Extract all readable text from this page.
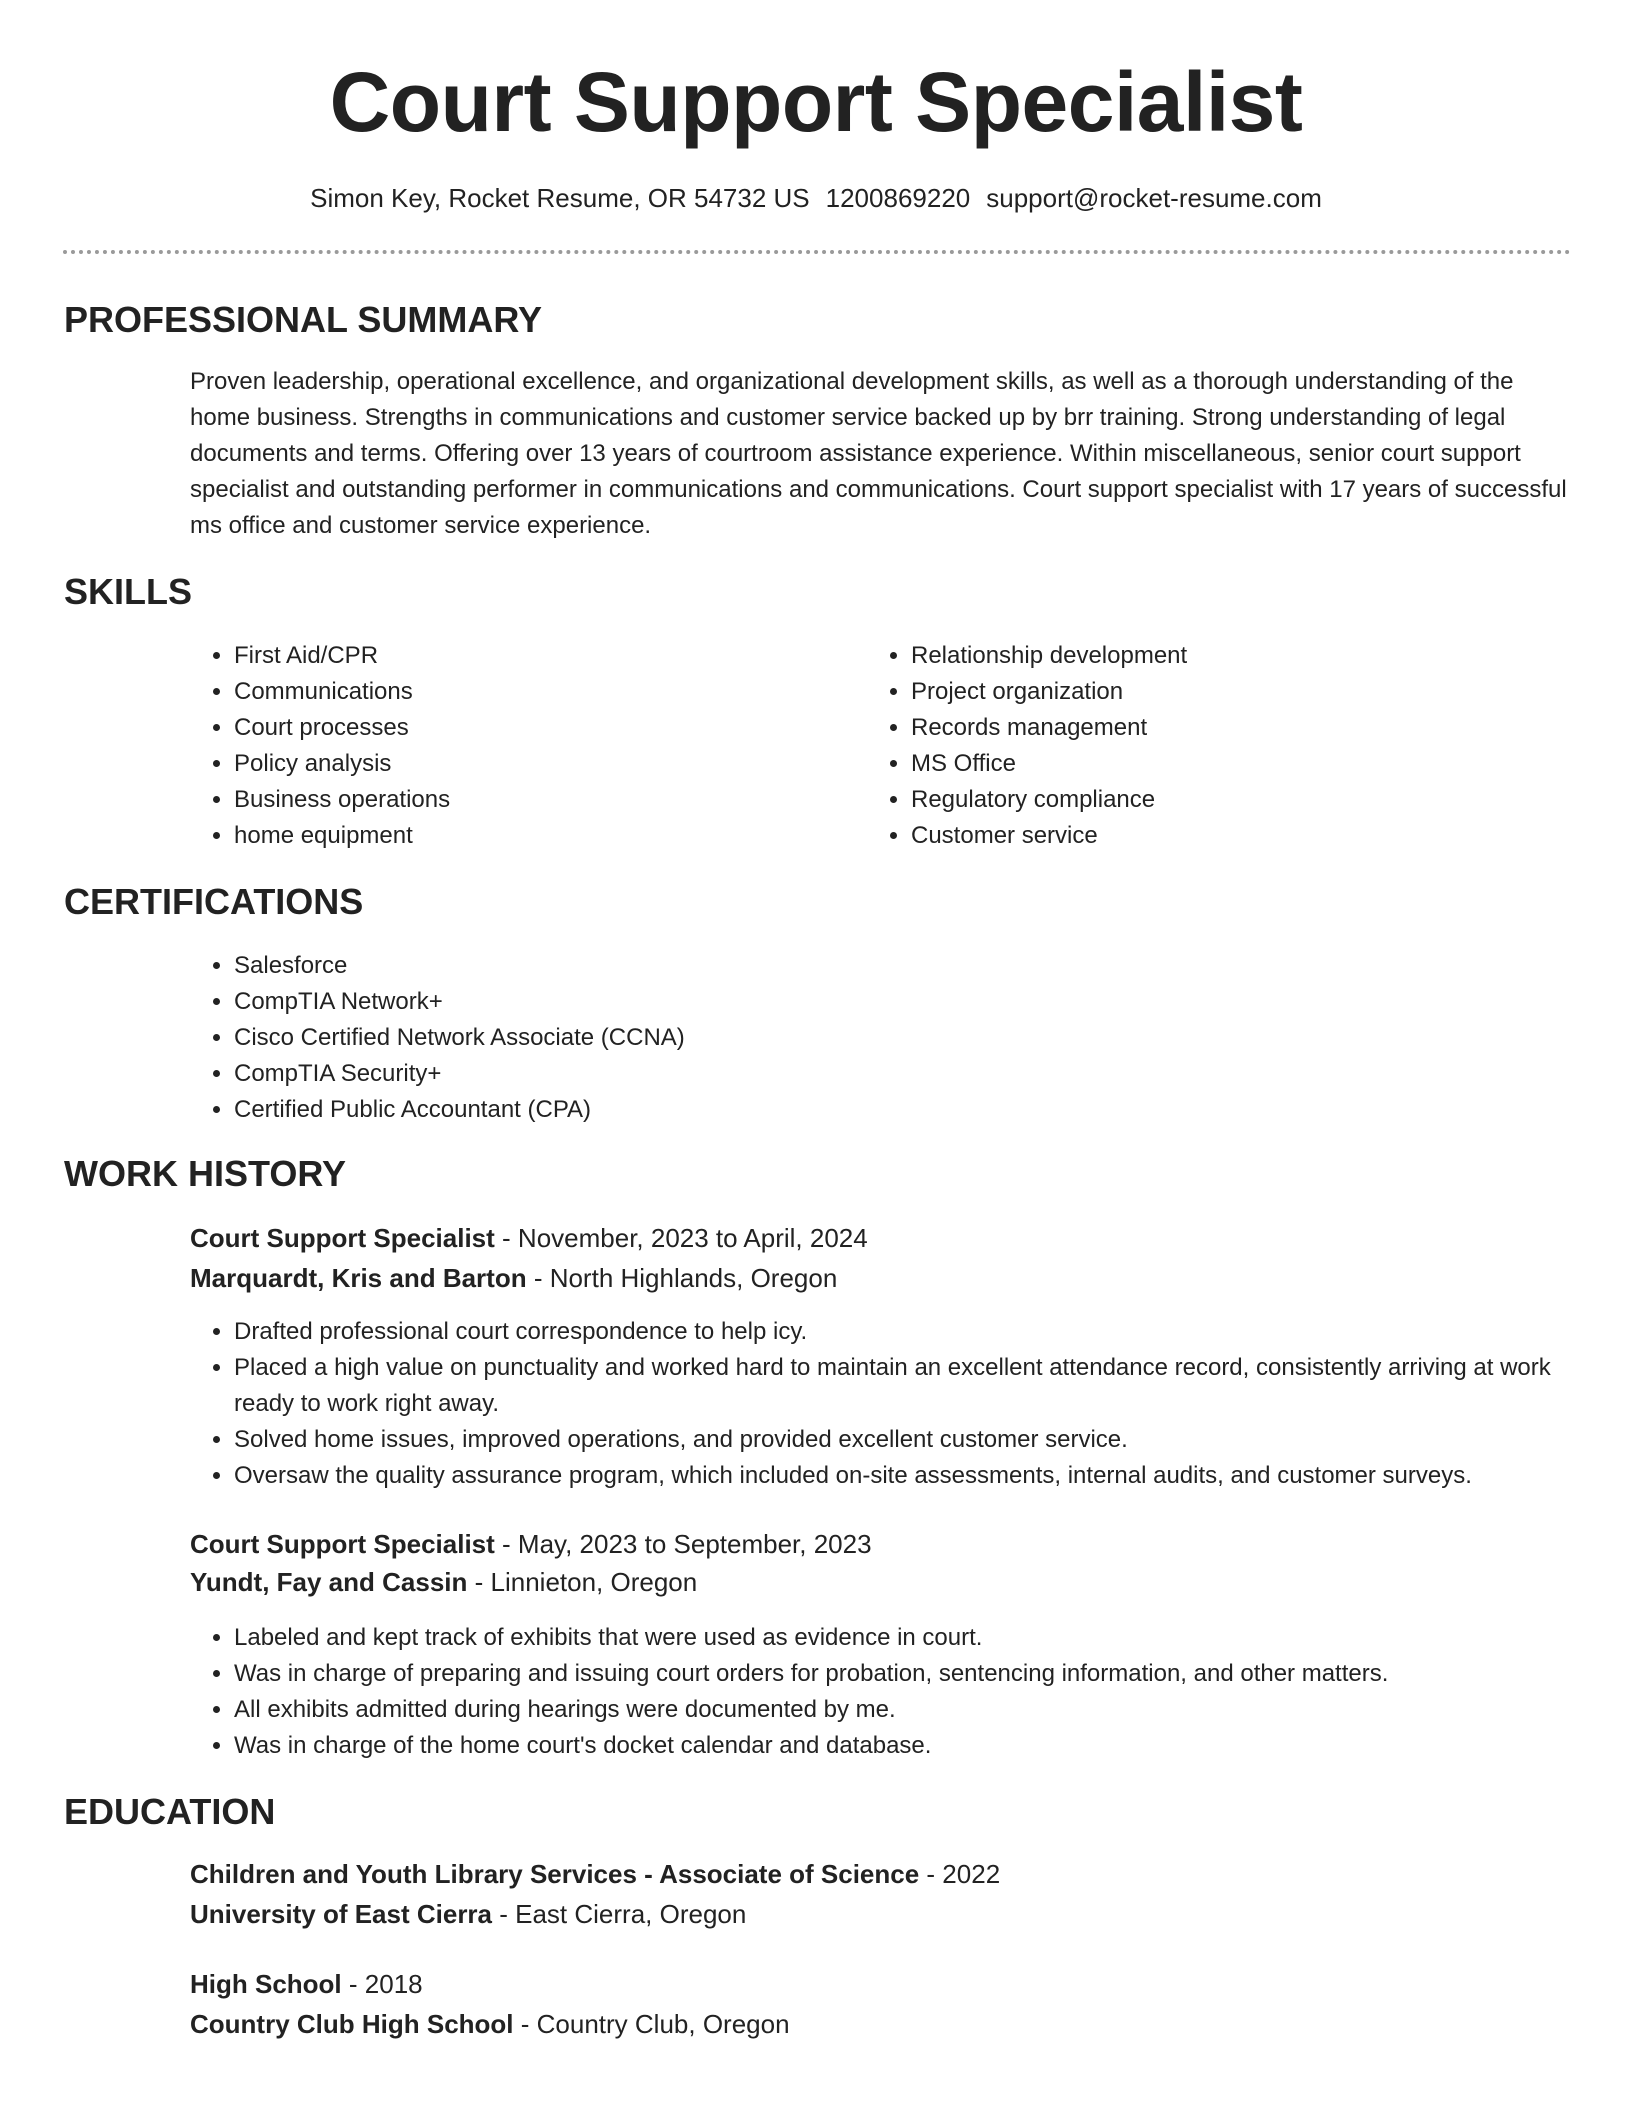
Court Support Specialist
Simon Key, Rocket Resume, OR 54732 US 1200869220 support@rocket-resume.com
PROFESSIONAL SUMMARY
Proven leadership, operational excellence, and organizational development skills, as well as a thorough understanding of the home business. Strengths in communications and customer service backed up by brr training. Strong understanding of legal documents and terms. Offering over 13 years of courtroom assistance experience. Within miscellaneous, senior court support specialist and outstanding performer in communications and communications. Court support specialist with 17 years of successful ms office and customer service experience.
SKILLS
• First Aid/CPR
• Communications
• Court processes
• Policy analysis
• Business operations
• home equipment
• Relationship development
• Project organization
• Records management
• MS Office
• Regulatory compliance
• Customer service
CERTIFICATIONS
• Salesforce
• CompTIA Network+
• Cisco Certified Network Associate (CCNA)
• CompTIA Security+
• Certified Public Accountant (CPA)
WORK HISTORY
Court Support Specialist - November, 2023 to April, 2024
Marquardt, Kris and Barton - North Highlands, Oregon
• Drafted professional court correspondence to help icy.
• Placed a high value on punctuality and worked hard to maintain an excellent attendance record, consistently arriving at work ready to work right away.
• Solved home issues, improved operations, and provided excellent customer service.
• Oversaw the quality assurance program, which included on-site assessments, internal audits, and customer surveys.
Court Support Specialist - May, 2023 to September, 2023
Yundt, Fay and Cassin - Linnieton, Oregon
• Labeled and kept track of exhibits that were used as evidence in court.
• Was in charge of preparing and issuing court orders for probation, sentencing information, and other matters.
• All exhibits admitted during hearings were documented by me.
• Was in charge of the home court's docket calendar and database.
EDUCATION
Children and Youth Library Services - Associate of Science - 2022
University of East Cierra - East Cierra, Oregon
High School - 2018
Country Club High School - Country Club, Oregon
